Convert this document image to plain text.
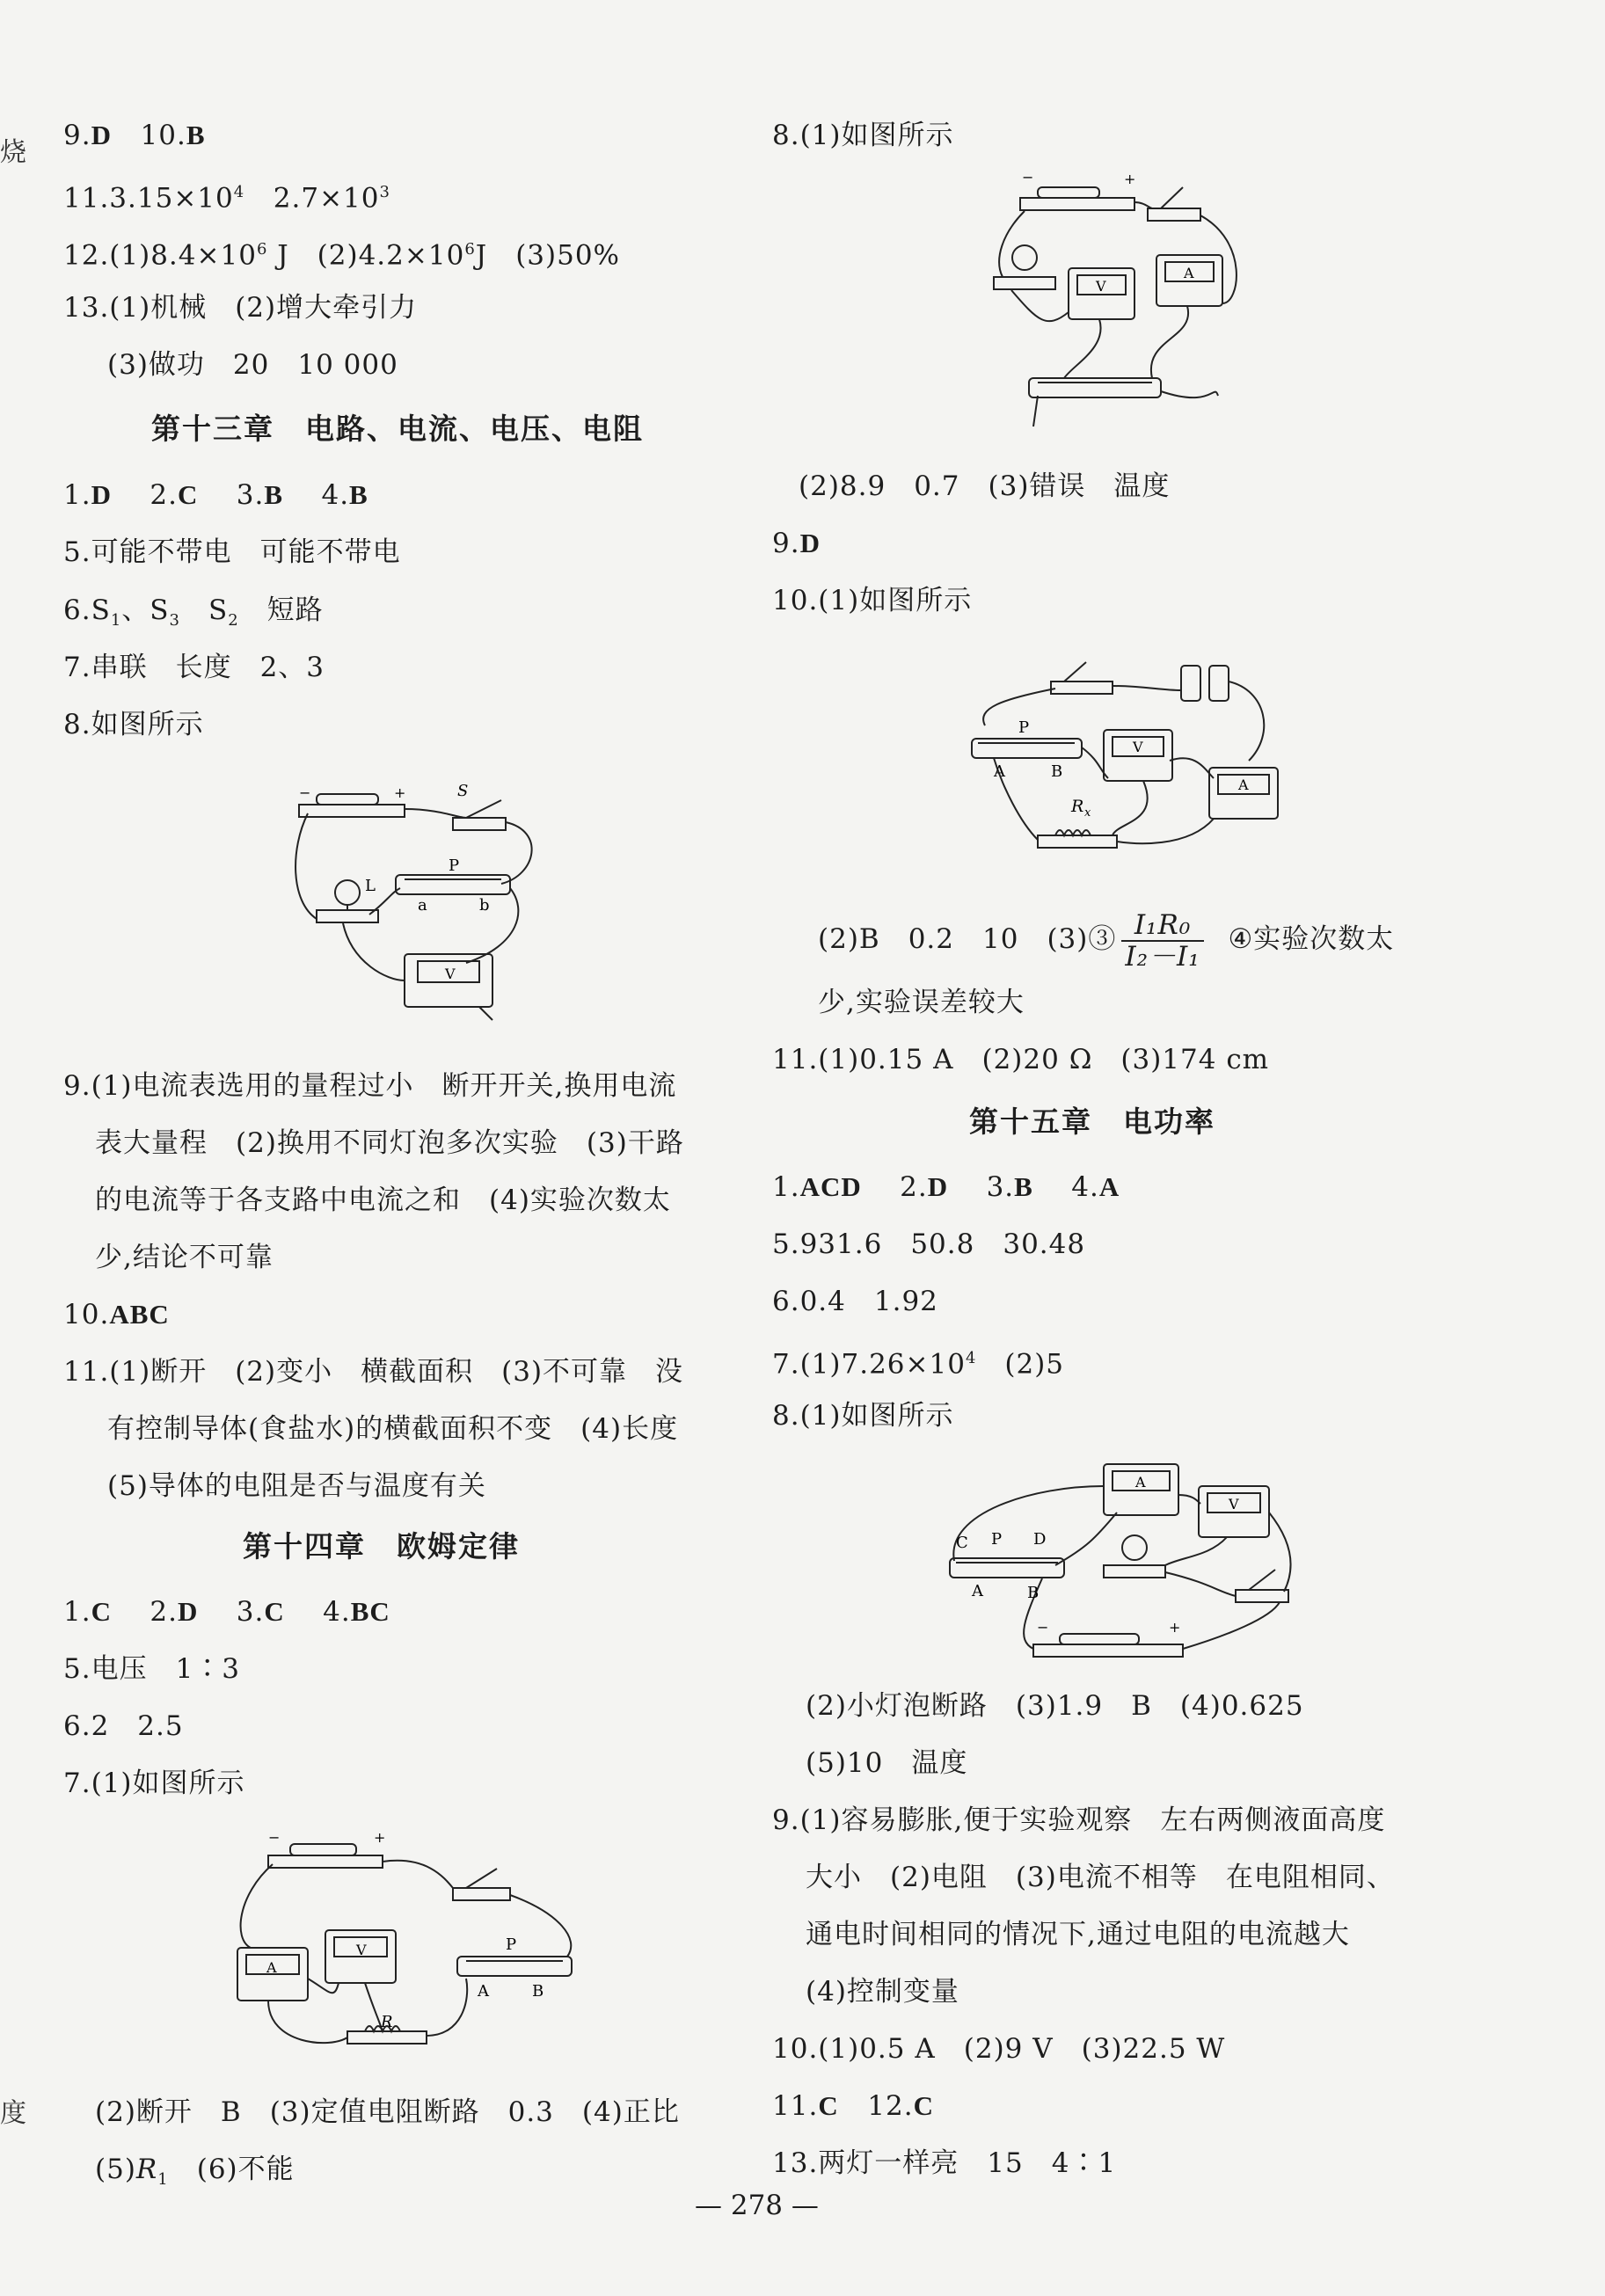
烧
度
9.D 10.B
$11.3.15\times 10^4$ $2.7\times 10^3$
$12.(1)8.4\times 10^6$ J　$(2)4.2\times 10^6J$　(3)50%
13.(1)机械　(2)增大牵引力
(3)做功　20　10 000
第十三章　电路、电流、电压、电阻
1.D 2.C 3.B 4.B
5.可能不带电　可能不带电
$6.S_1$、$S_3$　$S_2$　短路
7.串联　长度　2、3
8.如图所示
−	+	S
P
L
a	b
V
9.(1)电流表选用的量程过小　断开开关,换用电流
表大量程　(2)换用不同灯泡多次实验　(3)干路
的电流等于各支路中电流之和　(4)实验次数太
少,结论不可靠
10.ABC
11.(1)断开　(2)变小　横截面积　(3)不可靠　没
有控制导体(食盐水)的横截面积不变　(4)长度
(5)导体的电阻是否与温度有关
第十四章　欧姆定律
1.C 2.D 3.C 4.BC
5.电压　1∶3
6.2　2.5
7.(1)如图所示
−	+
A
V
R
P
A	B
(2)断开　B　(3)定值电阻断路　0.3　(4)正比
$(5)R_1$　(6)不能
8.(1)如图所示
−	+
V
A
(2)8.9　0.7　(3)错误　温度
9.D
10.(1)如图所示
P
A	B
V
A
R x
(2)B　0.2　10　(3)③ $\frac{\text{I₁R₀}}{\text{I₂－I₁}}$ ④实验次数太
少,实验误差较大
11.(1)0.15 A　(2)20 Ω　(3)174 cm
第十五章　电功率
1.ACD 2.D 3.B 4.A
5.931.6　50.8　30.48
6.0.4　1.92
$7.(1)7.26\times 10^4$　(2)5
8.(1)如图所示
C P D
A	B
A
V
−	+
(2)小灯泡断路　(3)1.9　B　(4)0.625
(5)10　温度
9.(1)容易膨胀,便于实验观察　左右两侧液面高度
大小　(2)电阻　(3)电流不相等　在电阻相同、
通电时间相同的情况下,通过电阻的电流越大
(4)控制变量
10.(1)0.5 A　(2)9 V　(3)22.5 W
11.C 12.C
13.两灯一样亮　15　4∶1
— 278 —
